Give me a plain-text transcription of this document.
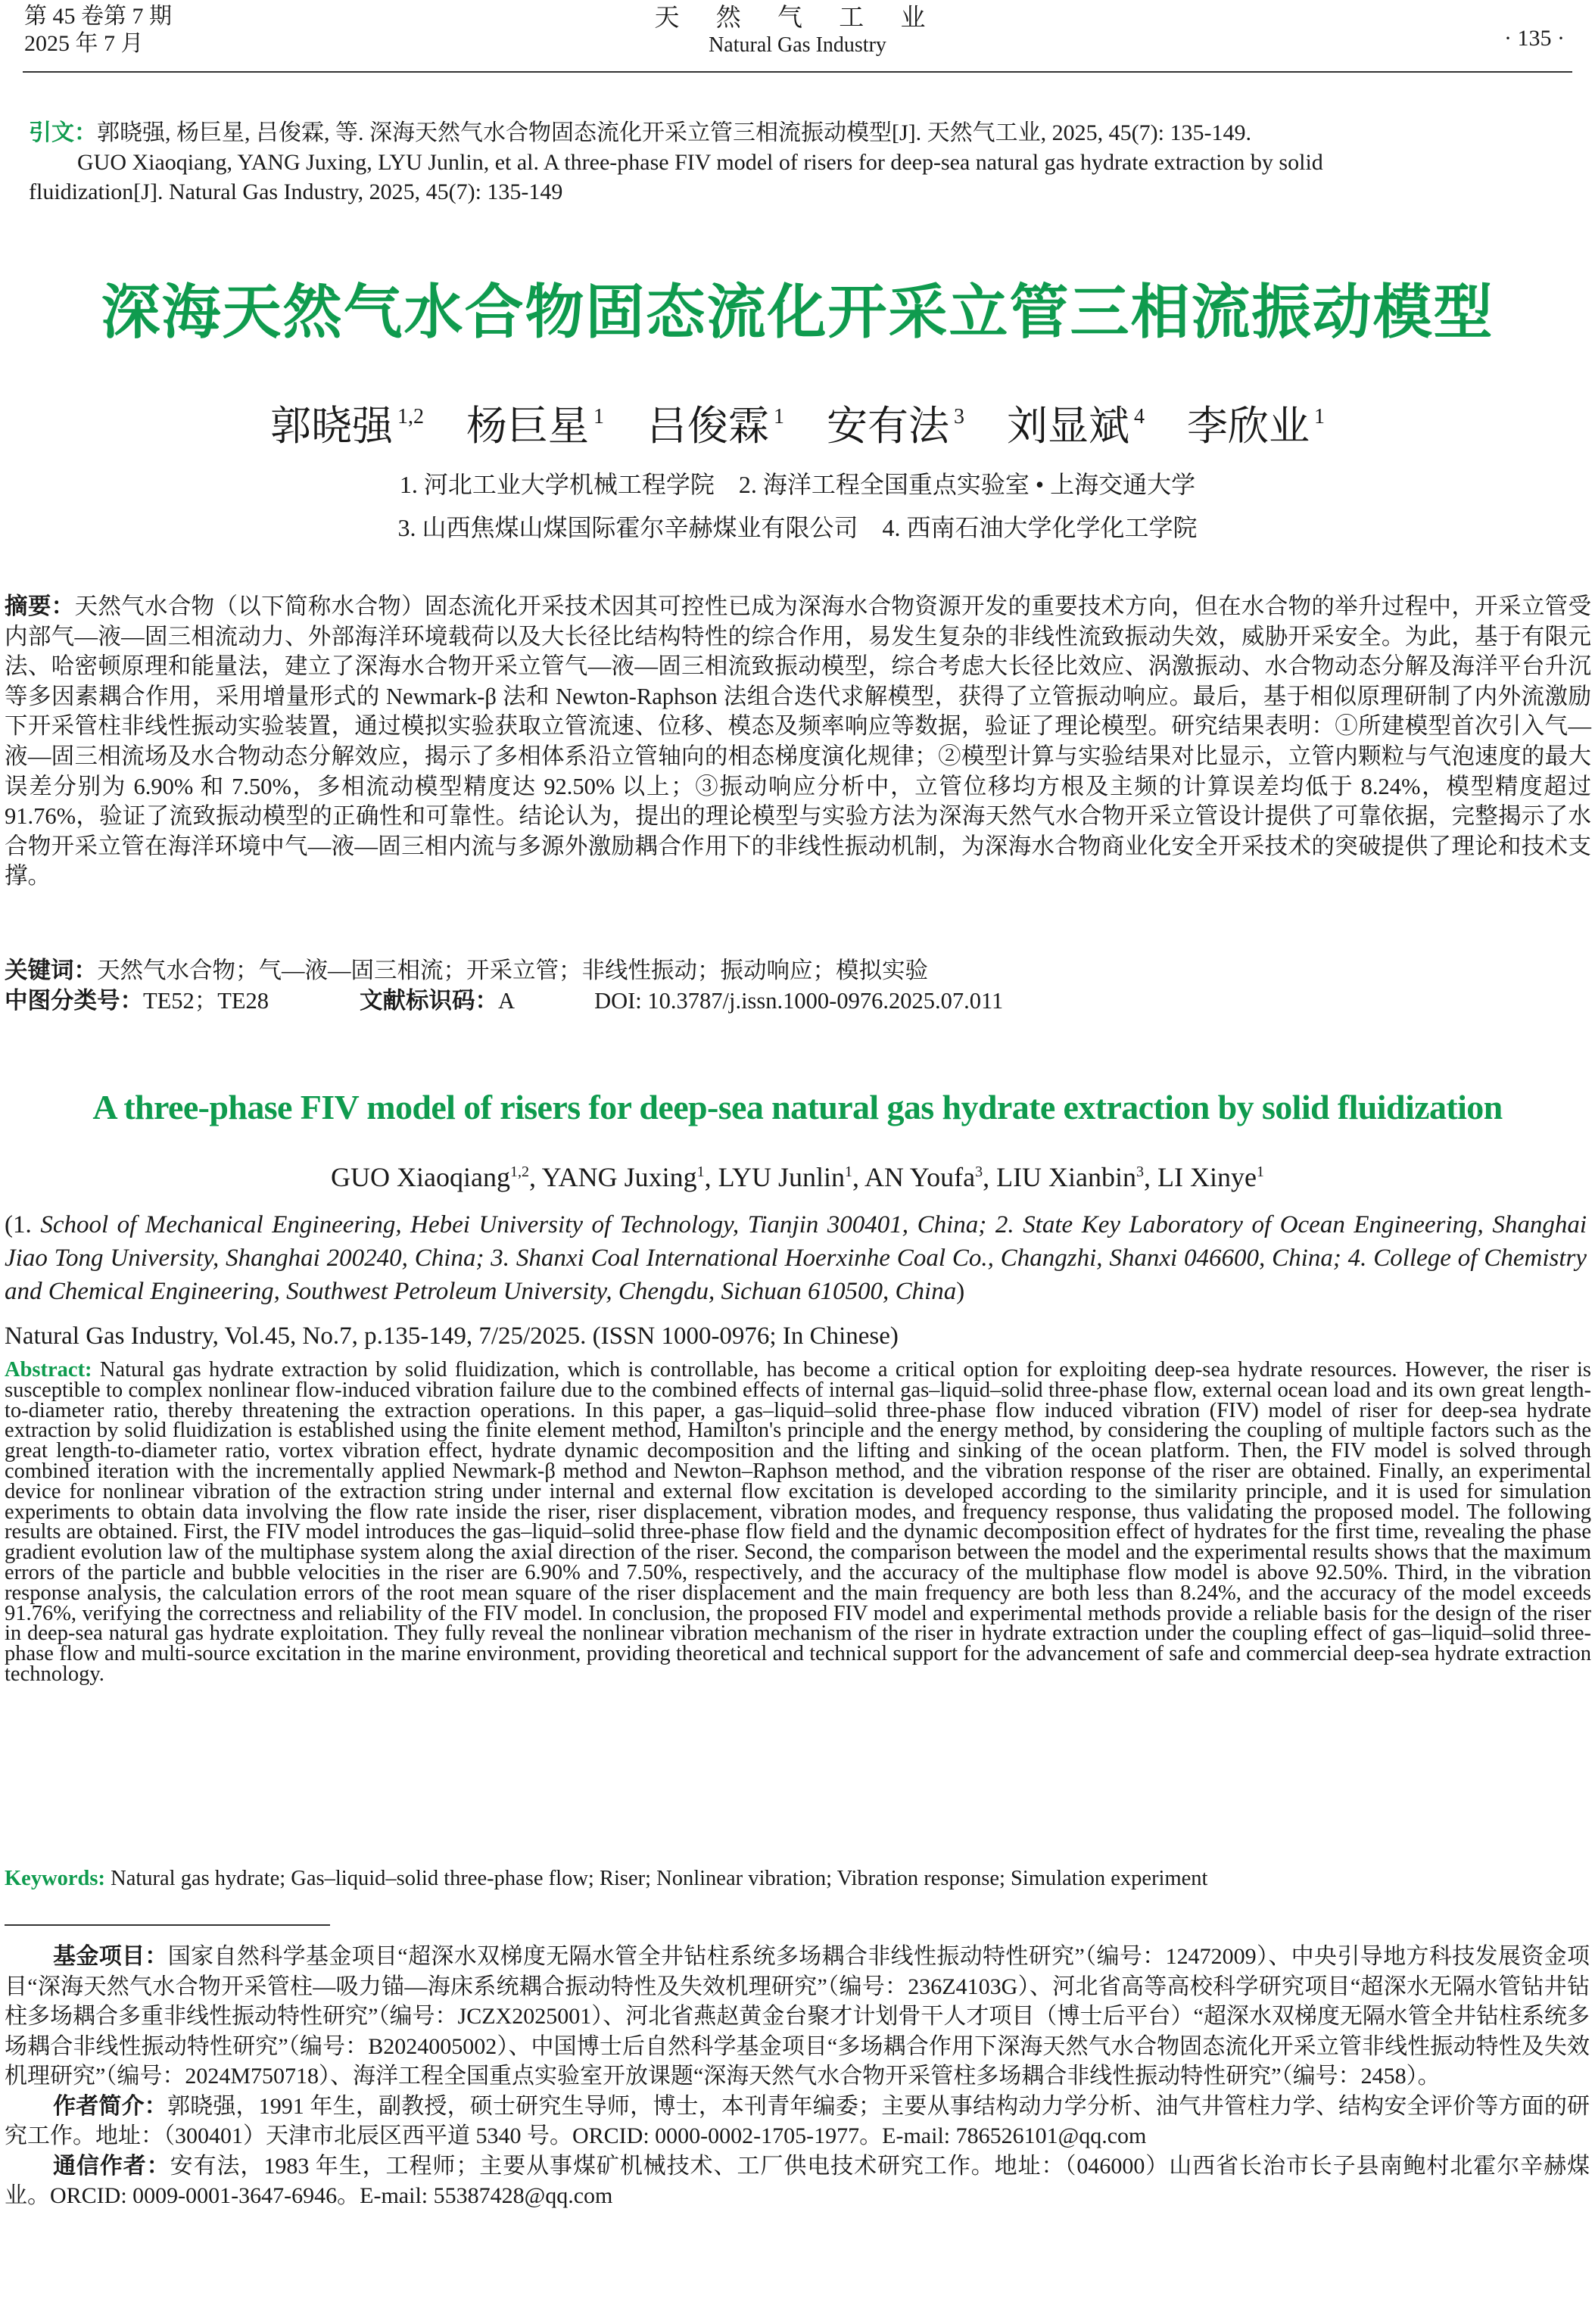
第 45 卷第 7 期
2025 年 7 月
天 然 气 工 业
Natural Gas Industry	· 135 ·
引文：郭晓强, 杨巨星, 吕俊霖, 等. 深海天然气水合物固态流化开采立管三相流振动模型[J]. 天然气工业, 2025, 45(7): 135-149.
GUO Xiaoqiang, YANG Juxing, LYU Junlin, et al. A three-phase FIV model of risers for deep-sea natural gas hydrate extraction by solid
fluidization[J]. Natural Gas Industry, 2025, 45(7): 135-149
深海天然气水合物固态流化开采立管三相流振动模型
郭晓强 $^{1,2}$ 杨巨星 $^1$ 吕俊霖 $^1$ 安有法 $^3$ 刘显斌 $^4$ 李欣业 $^1$
1. 河北工业大学机械工程学院　2. 海洋工程全国重点实验室 • 上海交通大学
3. 山西焦煤山煤国际霍尔辛赫煤业有限公司　4. 西南石油大学化学化工学院
摘要：天然气水合物（以下简称水合物）固态流化开采技术因其可控性已成为深海水合物资源开发的重要技术方向，但在水合物的举升过程中，开采立管受内部气—液—固三相流动力、外部海洋环境载荷以及大长径比结构特性的综合作用，易发生复杂的非线性流致振动失效，威胁开采安全。为此，基于有限元法、哈密顿原理和能量法，建立了深海水合物开采立管气—液—固三相流致振动模型，综合考虑大长径比效应、涡激振动、水合物动态分解及海洋平台升沉等多因素耦合作用，采用增量形式的 Newmark-β 法和 Newton-Raphson 法组合迭代求解模型，获得了立管振动响应。最后，基于相似原理研制了内外流激励下开采管柱非线性振动实验装置，通过模拟实验获取立管流速、位移、模态及频率响应等数据，验证了理论模型。研究结果表明：①所建模型首次引入气—液—固三相流场及水合物动态分解效应，揭示了多相体系沿立管轴向的相态梯度演化规律；②模型计算与实验结果对比显示，立管内颗粒与气泡速度的最大误差分别为 6.90% 和 7.50%，多相流动模型精度达 92.50% 以上；③振动响应分析中，立管位移均方根及主频的计算误差均低于 8.24%，模型精度超过 91.76%，验证了流致振动模型的正确性和可靠性。结论认为，提出的理论模型与实验方法为深海天然气水合物开采立管设计提供了可靠依据，完整揭示了水合物开采立管在海洋环境中气—液—固三相内流与多源外激励耦合作用下的非线性振动机制，为深海水合物商业化安全开采技术的突破提供了理论和技术支撑。
关键词：天然气水合物；气—液—固三相流；开采立管；非线性振动；振动响应；模拟实验
中图分类号：TE52；TE28	文献标识码：A	DOI: 10.3787/j.issn.1000-0976.2025.07.011
A three-phase FIV model of risers for deep-sea natural gas hydrate extraction by solid fluidization
GUO Xiaoqiang$^{1,2}$, YANG Juxing$^1$, LYU Junlin$^1$, AN Youfa$^3$, LIU Xianbin$^3$, LI Xinye$^1$
(1. School of Mechanical Engineering, Hebei University of Technology, Tianjin 300401, China; 2. State Key Laboratory of Ocean Engineering, Shanghai Jiao Tong University, Shanghai 200240, China; 3. Shanxi Coal International Hoerxinhe Coal Co., Changzhi, Shanxi 046600, China; 4. College of Chemistry and Chemical Engineering, Southwest Petroleum University, Chengdu, Sichuan 610500, China)
Natural Gas Industry, Vol.45, No.7, p.135-149, 7/25/2025. (ISSN 1000-0976; In Chinese)
Abstract: Natural gas hydrate extraction by solid fluidization, which is controllable, has become a critical option for exploiting deep-sea hydrate resources. However, the riser is susceptible to complex nonlinear flow-induced vibration failure due to the combined effects of internal gas–liquid–solid three-phase flow, external ocean load and its own great length-to-diameter ratio, thereby threatening the extraction operations. In this paper, a gas–liquid–solid three-phase flow induced vibration (FIV) model of riser for deep-sea hydrate extraction by solid fluidization is established using the finite element method, Hamilton's principle and the energy method, by considering the coupling of multiple factors such as the great length-to-diameter ratio, vortex vibration effect, hydrate dynamic decomposition and the lifting and sinking of the ocean platform. Then, the FIV model is solved through combined iteration with the incrementally applied Newmark-β method and Newton–Raphson method, and the vibration response of the riser are obtained. Finally, an experimental device for nonlinear vibration of the extraction string under internal and external flow excitation is developed according to the similarity principle, and it is used for simulation experiments to obtain data involving the flow rate inside the riser, riser displacement, vibration modes, and frequency response, thus validating the proposed model. The following results are obtained. First, the FIV model introduces the gas–liquid–solid three-phase flow field and the dynamic decomposition effect of hydrates for the first time, revealing the phase gradient evolution law of the multiphase system along the axial direction of the riser. Second, the comparison between the model and the experimental results shows that the maximum errors of the particle and bubble velocities in the riser are 6.90% and 7.50%, respectively, and the accuracy of the multiphase flow model is above 92.50%. Third, in the vibration response analysis, the calculation errors of the root mean square of the riser displacement and the main frequency are both less than 8.24%, and the accuracy of the model exceeds 91.76%, verifying the correctness and reliability of the FIV model. In conclusion, the proposed FIV model and experimental methods provide a reliable basis for the design of the riser in deep-sea natural gas hydrate exploitation. They fully reveal the nonlinear vibration mechanism of the riser in hydrate extraction under the coupling effect of gas–liquid–solid three-phase flow and multi-source excitation in the marine environment, providing theoretical and technical support for the advancement of safe and commercial deep-sea hydrate extraction technology.
Keywords: Natural gas hydrate; Gas–liquid–solid three-phase flow; Riser; Nonlinear vibration; Vibration response; Simulation experiment

基金项目：国家自然科学基金项目“超深水双梯度无隔水管全井钻柱系统多场耦合非线性振动特性研究”（编号：12472009）、中央引导地方科技发展资金项目“深海天然气水合物开采管柱—吸力锚—海床系统耦合振动特性及失效机理研究”（编号：236Z4103G）、河北省高等高校科学研究项目“超深水无隔水管钻井钻柱多场耦合多重非线性振动特性研究”（编号：JCZX2025001）、河北省燕赵黄金台聚才计划骨干人才项目（博士后平台）“超深水双梯度无隔水管全井钻柱系统多场耦合非线性振动特性研究”（编号：B2024005002）、中国博士后自然科学基金项目“多场耦合作用下深海天然气水合物固态流化开采立管非线性振动特性及失效机理研究”（编号：2024M750718）、海洋工程全国重点实验室开放课题“深海天然气水合物开采管柱多场耦合非线性振动特性研究”（编号：2458）。

作者简介：郭晓强，1991 年生，副教授，硕士研究生导师，博士，本刊青年编委；主要从事结构动力学分析、油气井管柱力学、结构安全评价等方面的研究工作。地址：（300401）天津市北辰区西平道 5340 号。ORCID: 0000-0002-1705-1977。E-mail: 786526101@qq.com

通信作者：安有法，1983 年生，工程师；主要从事煤矿机械技术、工厂供电技术研究工作。地址：（046000）山西省长治市长子县南鲍村北霍尔辛赫煤业。ORCID: 0009-0001-3647-6946。E-mail: 55387428@qq.com
